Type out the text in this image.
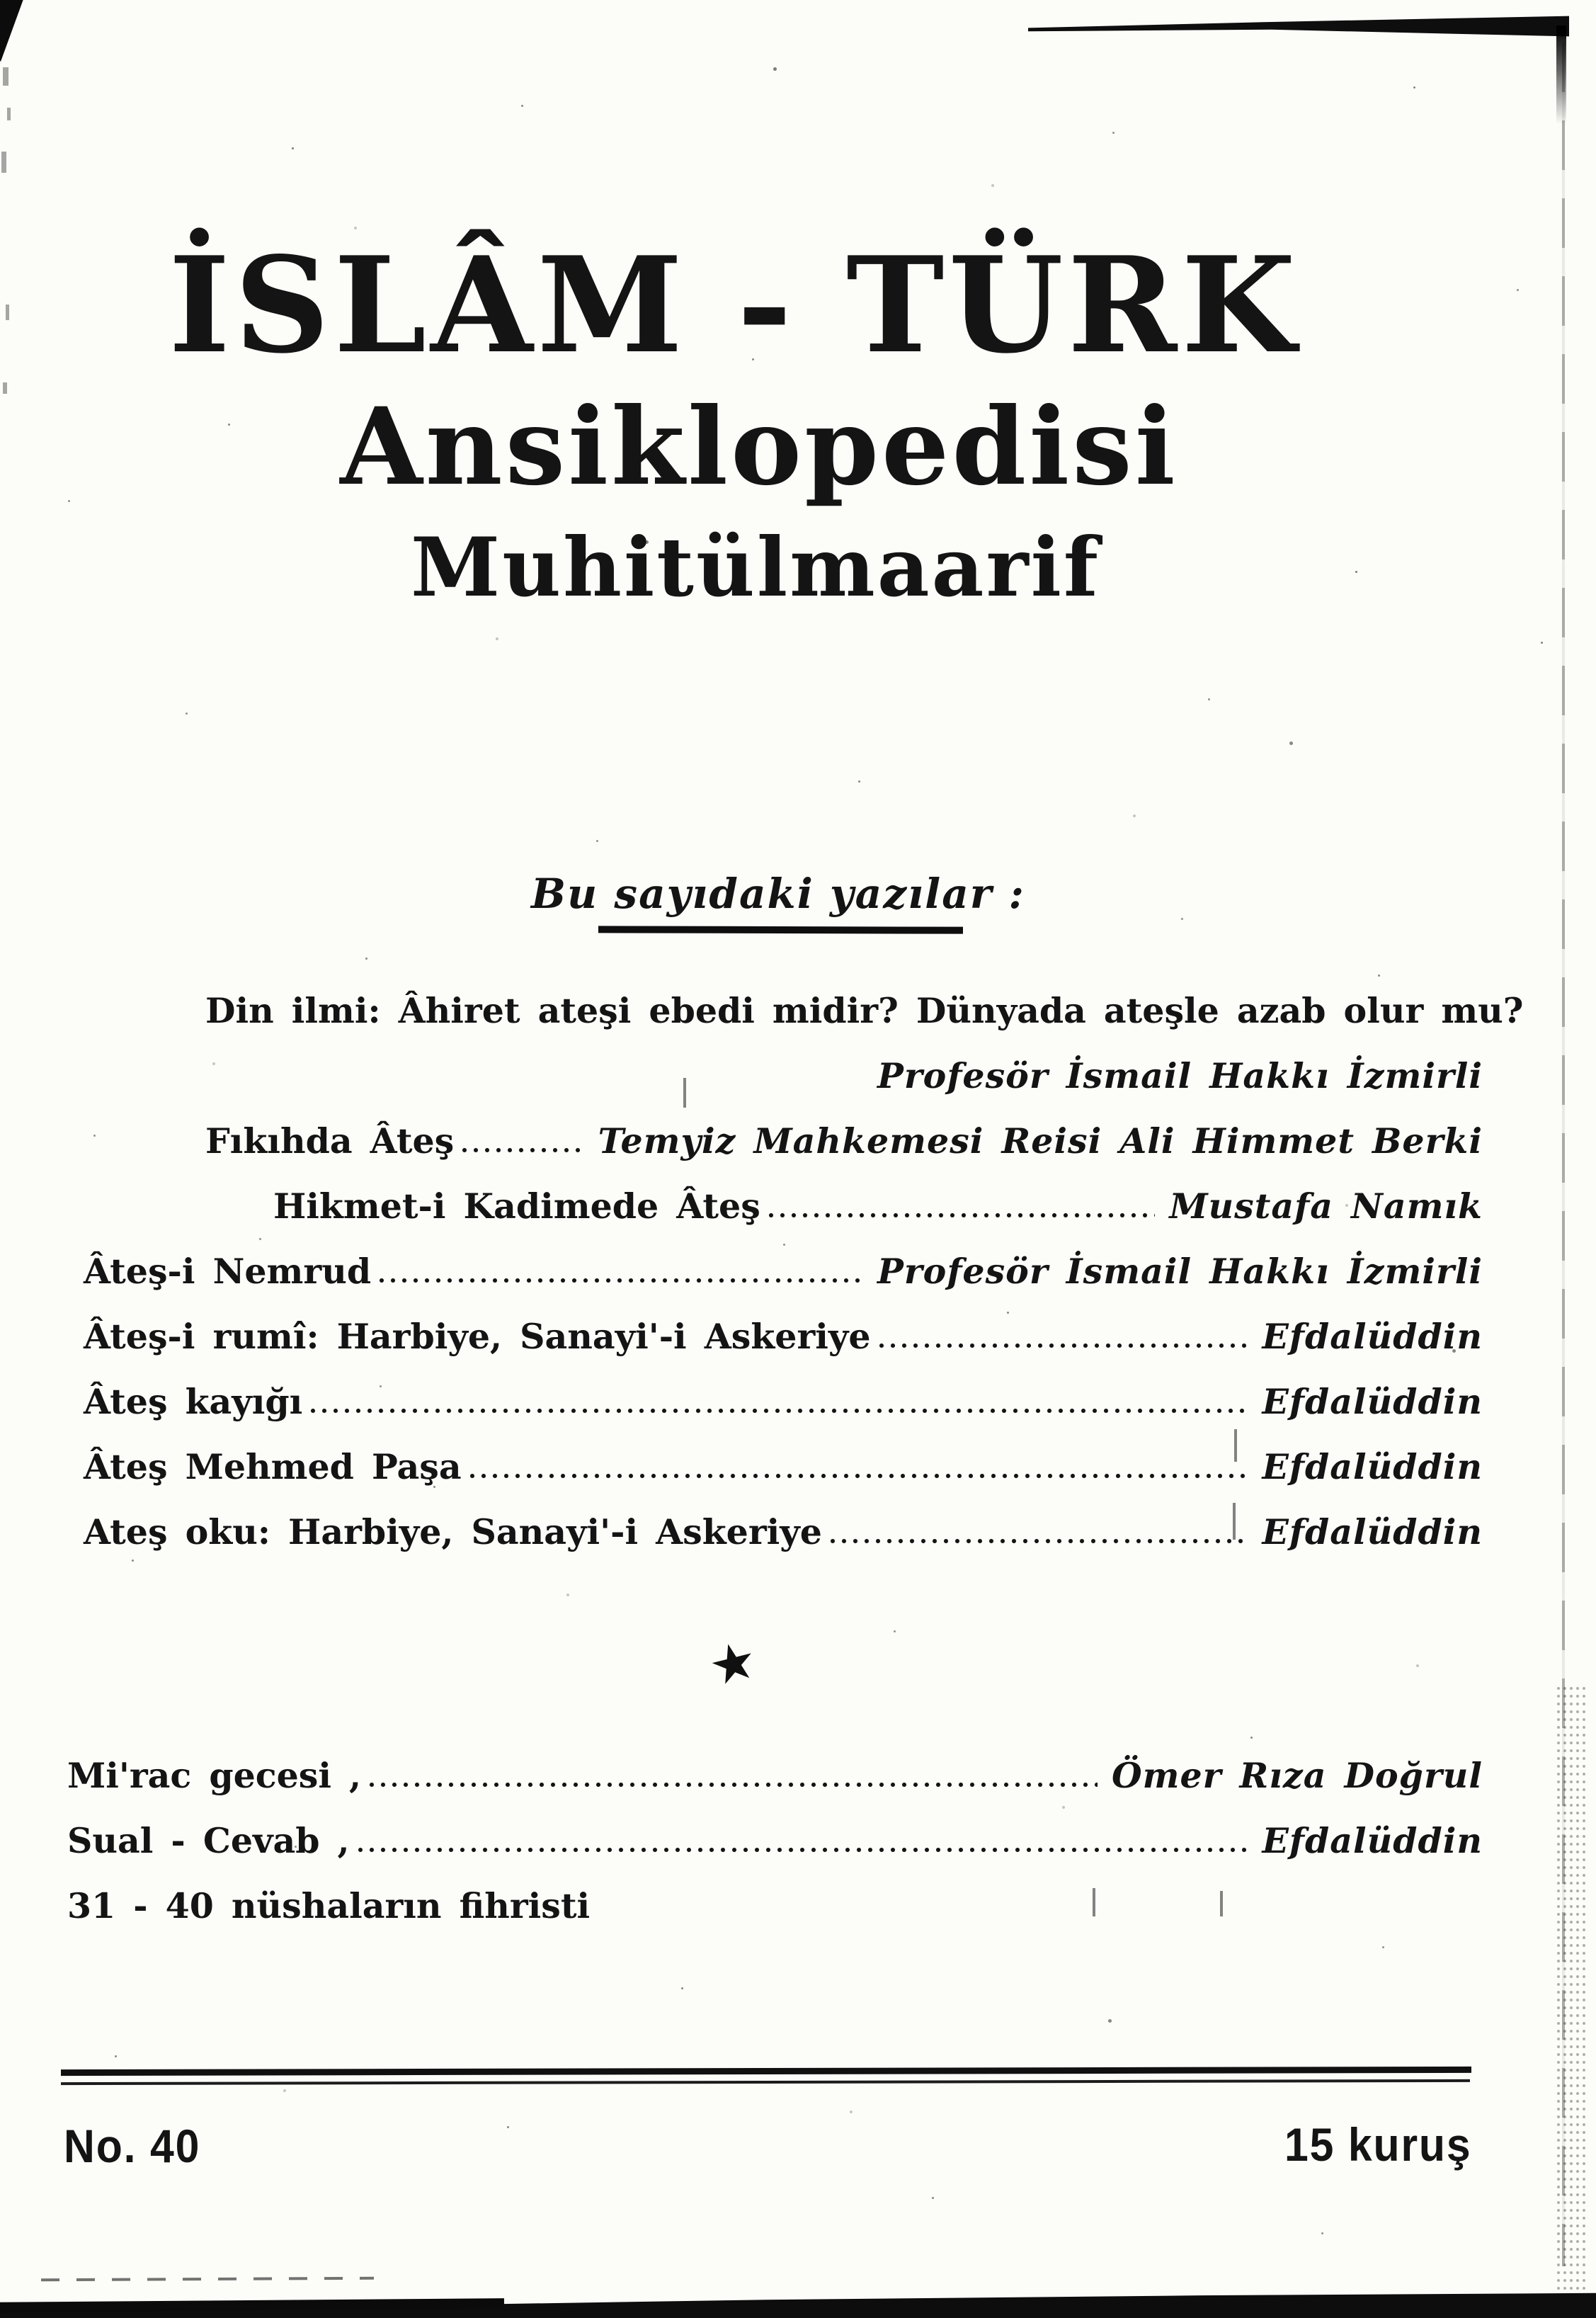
İSLÂM - TÜRK
Ansiklopedisi
Muhitülmaarif
Bu sayıdaki yazılar :
Din ilmi: Âhiret ateşi ebedi midir? Dünyada ateşle azab olur mu?
Profesör İsmail Hakkı İzmirli
Fıkıhda Âteş	Temyiz Mahkemesi Reisi Ali Himmet Berki
Hikmet-i Kadimede Âteş	Mustafa Namık
Âteş-i Nemrud	Profesör İsmail Hakkı İzmirli
Âteş-i rumî: Harbiye, Sanayi'-i Askeriye	Efdalüddin
Âteş kayığı	Efdalüddin
Âteş Mehmed Paşa	Efdalüddin
Ateş oku: Harbiye, Sanayi'-i Askeriye	Efdalüddin
★
Mi'rac gecesi ,	Ömer Rıza Doğrul
Sual - Cevab ,	Efdalüddin
31 - 40 nüshaların fihristi
No. 40	15 kuruş
